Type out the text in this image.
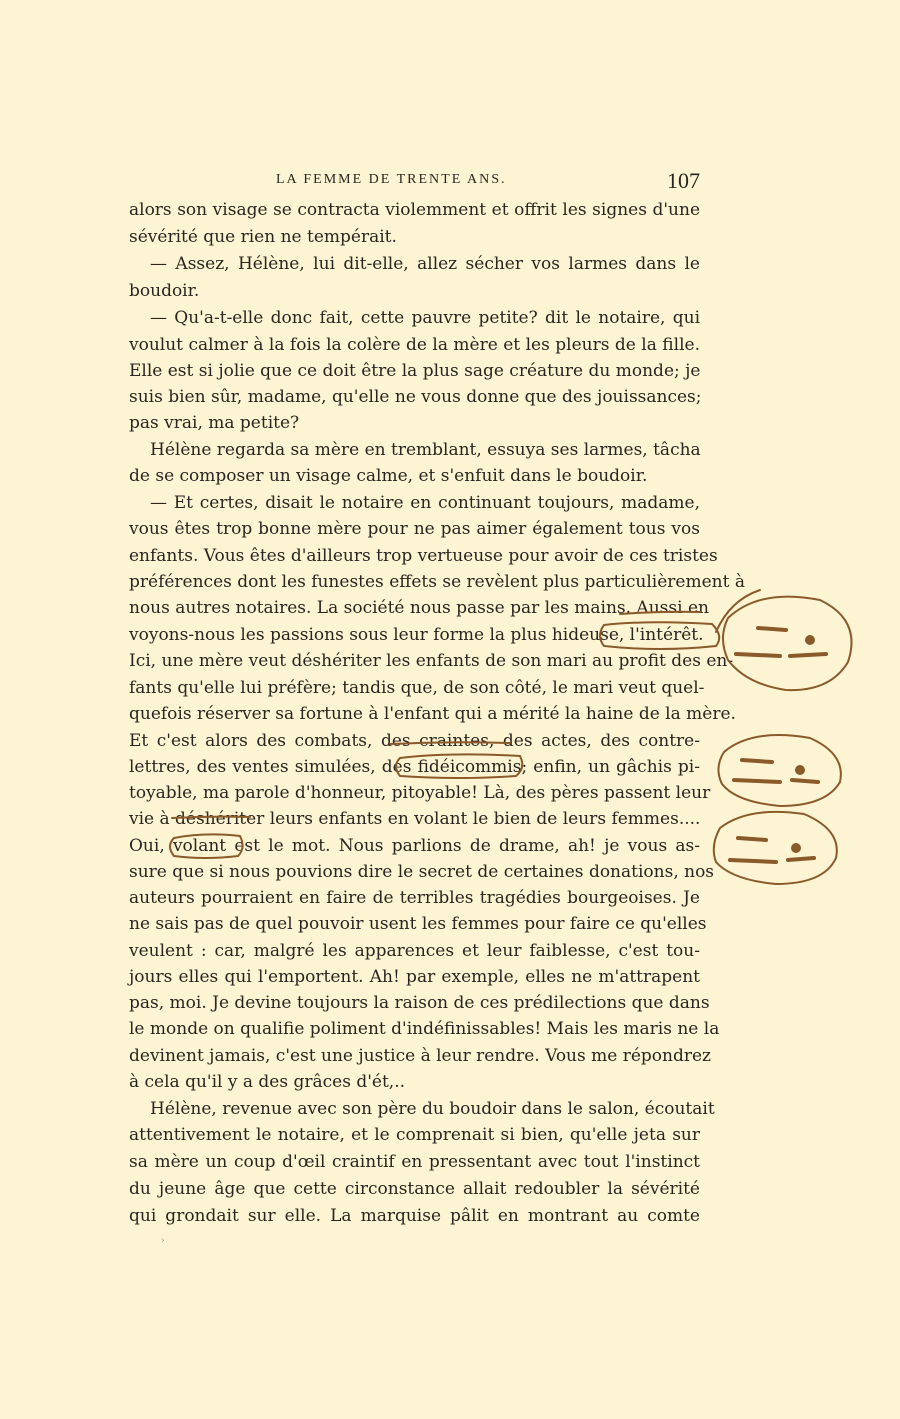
LA FEMME DE TRENTE ANS.	107
alors son visage se contracta violemment et offrit les signes d'une
sévérité que rien ne tempérait.
— Assez, Hélène, lui dit-elle, allez sécher vos larmes dans le
boudoir.
— Qu'a-t-elle donc fait, cette pauvre petite? dit le notaire, qui
voulut calmer à la fois la colère de la mère et les pleurs de la fille.
Elle est si jolie que ce doit être la plus sage créature du monde; je
suis bien sûr, madame, qu'elle ne vous donne que des jouissances;
pas vrai, ma petite?
Hélène regarda sa mère en tremblant, essuya ses larmes, tâcha
de se composer un visage calme, et s'enfuit dans le boudoir.
— Et certes, disait le notaire en continuant toujours, madame,
vous êtes trop bonne mère pour ne pas aimer également tous vos
enfants. Vous êtes d'ailleurs trop vertueuse pour avoir de ces tristes
préférences dont les funestes effets se revèlent plus particulièrement à
nous autres notaires. La société nous passe par les mains. Aussi en
voyons-nous les passions sous leur forme la plus hideuse, l'intérêt.
Ici, une mère veut déshériter les enfants de son mari au profit des en-
fants qu'elle lui préfère; tandis que, de son côté, le mari veut quel-
quefois réserver sa fortune à l'enfant qui a mérité la haine de la mère.
Et c'est alors des combats, des craintes, des actes, des contre-
lettres, des ventes simulées, des fidéicommis; enfin, un gâchis pi-
toyable, ma parole d'honneur, pitoyable! Là, des pères passent leur
vie à déshériter leurs enfants en volant le bien de leurs femmes....
Oui, volant est le mot. Nous parlions de drame, ah! je vous as-
sure que si nous pouvions dire le secret de certaines donations, nos
auteurs pourraient en faire de terribles tragédies bourgeoises. Je
ne sais pas de quel pouvoir usent les femmes pour faire ce qu'elles
veulent : car, malgré les apparences et leur faiblesse, c'est tou-
jours elles qui l'emportent. Ah! par exemple, elles ne m'attrapent
pas, moi. Je devine toujours la raison de ces prédilections que dans
le monde on qualifie poliment d'indéfinissables! Mais les maris ne la
devinent jamais, c'est une justice à leur rendre. Vous me répondrez
à cela qu'il y a des grâces d'ét,..
Hélène, revenue avec son père du boudoir dans le salon, écoutait
attentivement le notaire, et le comprenait si bien, qu'elle jeta sur
sa mère un coup d'œil craintif en pressentant avec tout l'instinct
du jeune âge que cette circonstance allait redoubler la sévérité
qui grondait sur elle. La marquise pâlit en montrant au comte
›
